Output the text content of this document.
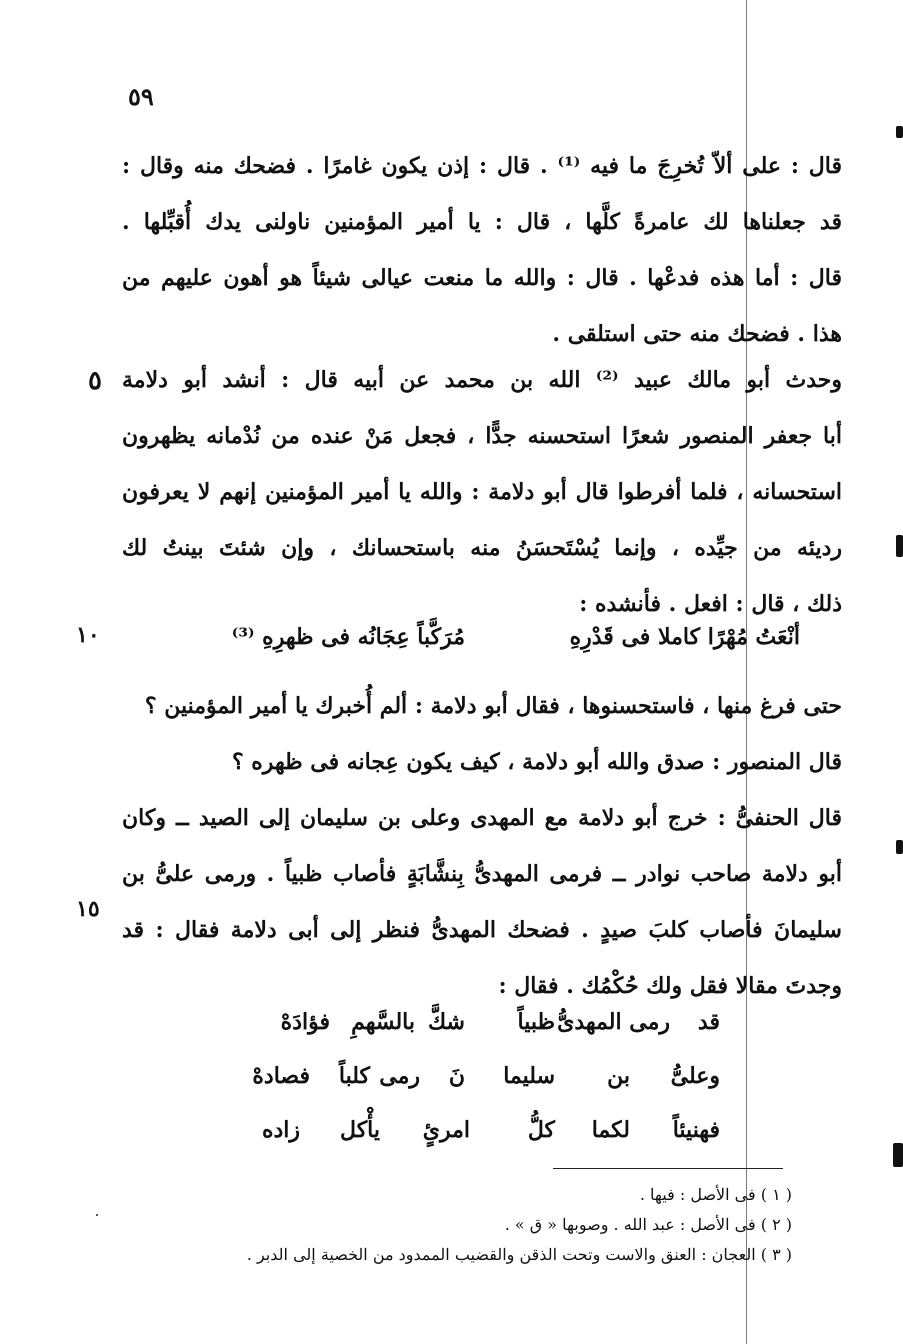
٥٩
قال : على ألاّ تُخرِجَ ما فيه ⁽¹⁾ . قال : إذن يكون غامرًا . فضحك منه وقال :
قد جعلناها لك عامرةً كلَّها ، قال : يا أمير المؤمنين ناولنى يدك أُقبِّلها .
قال : أما هذه فدعْها . قال : والله ما منعت عيالى شيئاً هو أهون عليهم من
هذا . فضحك منه حتى استلقى .
٥ وحدث أبو مالك عبيد ⁽²⁾ الله بن محمد عن أبيه قال : أنشد أبو دلامة
أبا جعفر المنصور شعرًا استحسنه جدًّا ، فجعل مَنْ عنده من نُدْمانه يظهرون
استحسانه ، فلما أفرطوا قال أبو دلامة : والله يا أمير المؤمنين إنهم لا يعرفون
رديئه من جيِّده ، وإنما يُسْتَحسَنُ منه باستحسانك ، وإن شئتَ بينتُ لك
ذلك ، قال : افعل . فأنشده :
١٠	أنْعَتُ مُهْرًا كاملا فى قَدْرِهِ
مُرَكَّباً عِجَانُه فى ظهرِهِ ⁽³⁾
حتى فرغ منها ، فاستحسنوها ، فقال أبو دلامة : ألم أُخبرك يا أمير المؤمنين ؟
قال المنصور : صدق والله أبو دلامة ، كيف يكون عِجانه فى ظهره ؟
قال الحنفىُّ : خرج أبو دلامة مع المهدى وعلى بن سليمان إلى الصيد ــ وكان
أبو دلامة صاحب نوادر ــ فرمى المهدىُّ بِنشَّابَةٍ فأصاب ظبياً . ورمى علىُّ بن
سليمانَ فأصاب كلبَ صيدٍ . فضحك المهدىُّ فنظر إلى أبى دلامة فقال : قد
وجدتَ مقالا فقل ولك حُكْمُك . فقال :
١٥
قد
رمى المهدىُّ
ظبياً
شكَّ
بالسَّهمِ
فؤادَهْ
وعلىُّ
بن
سليما
نَ
رمى
كلباً
فصادهْ
فهنيئاً
لكما
كلُّ
امرئٍ
يأْكل
زاده
( ١ ) فى الأصل : فيها .
( ٢ ) فى الأصل : عبد الله . وصوبها « ق » .
( ٣ ) العجان : العنق والاست وتحت الذقن والقضيب الممدود من الخصية إلى الدبر .
